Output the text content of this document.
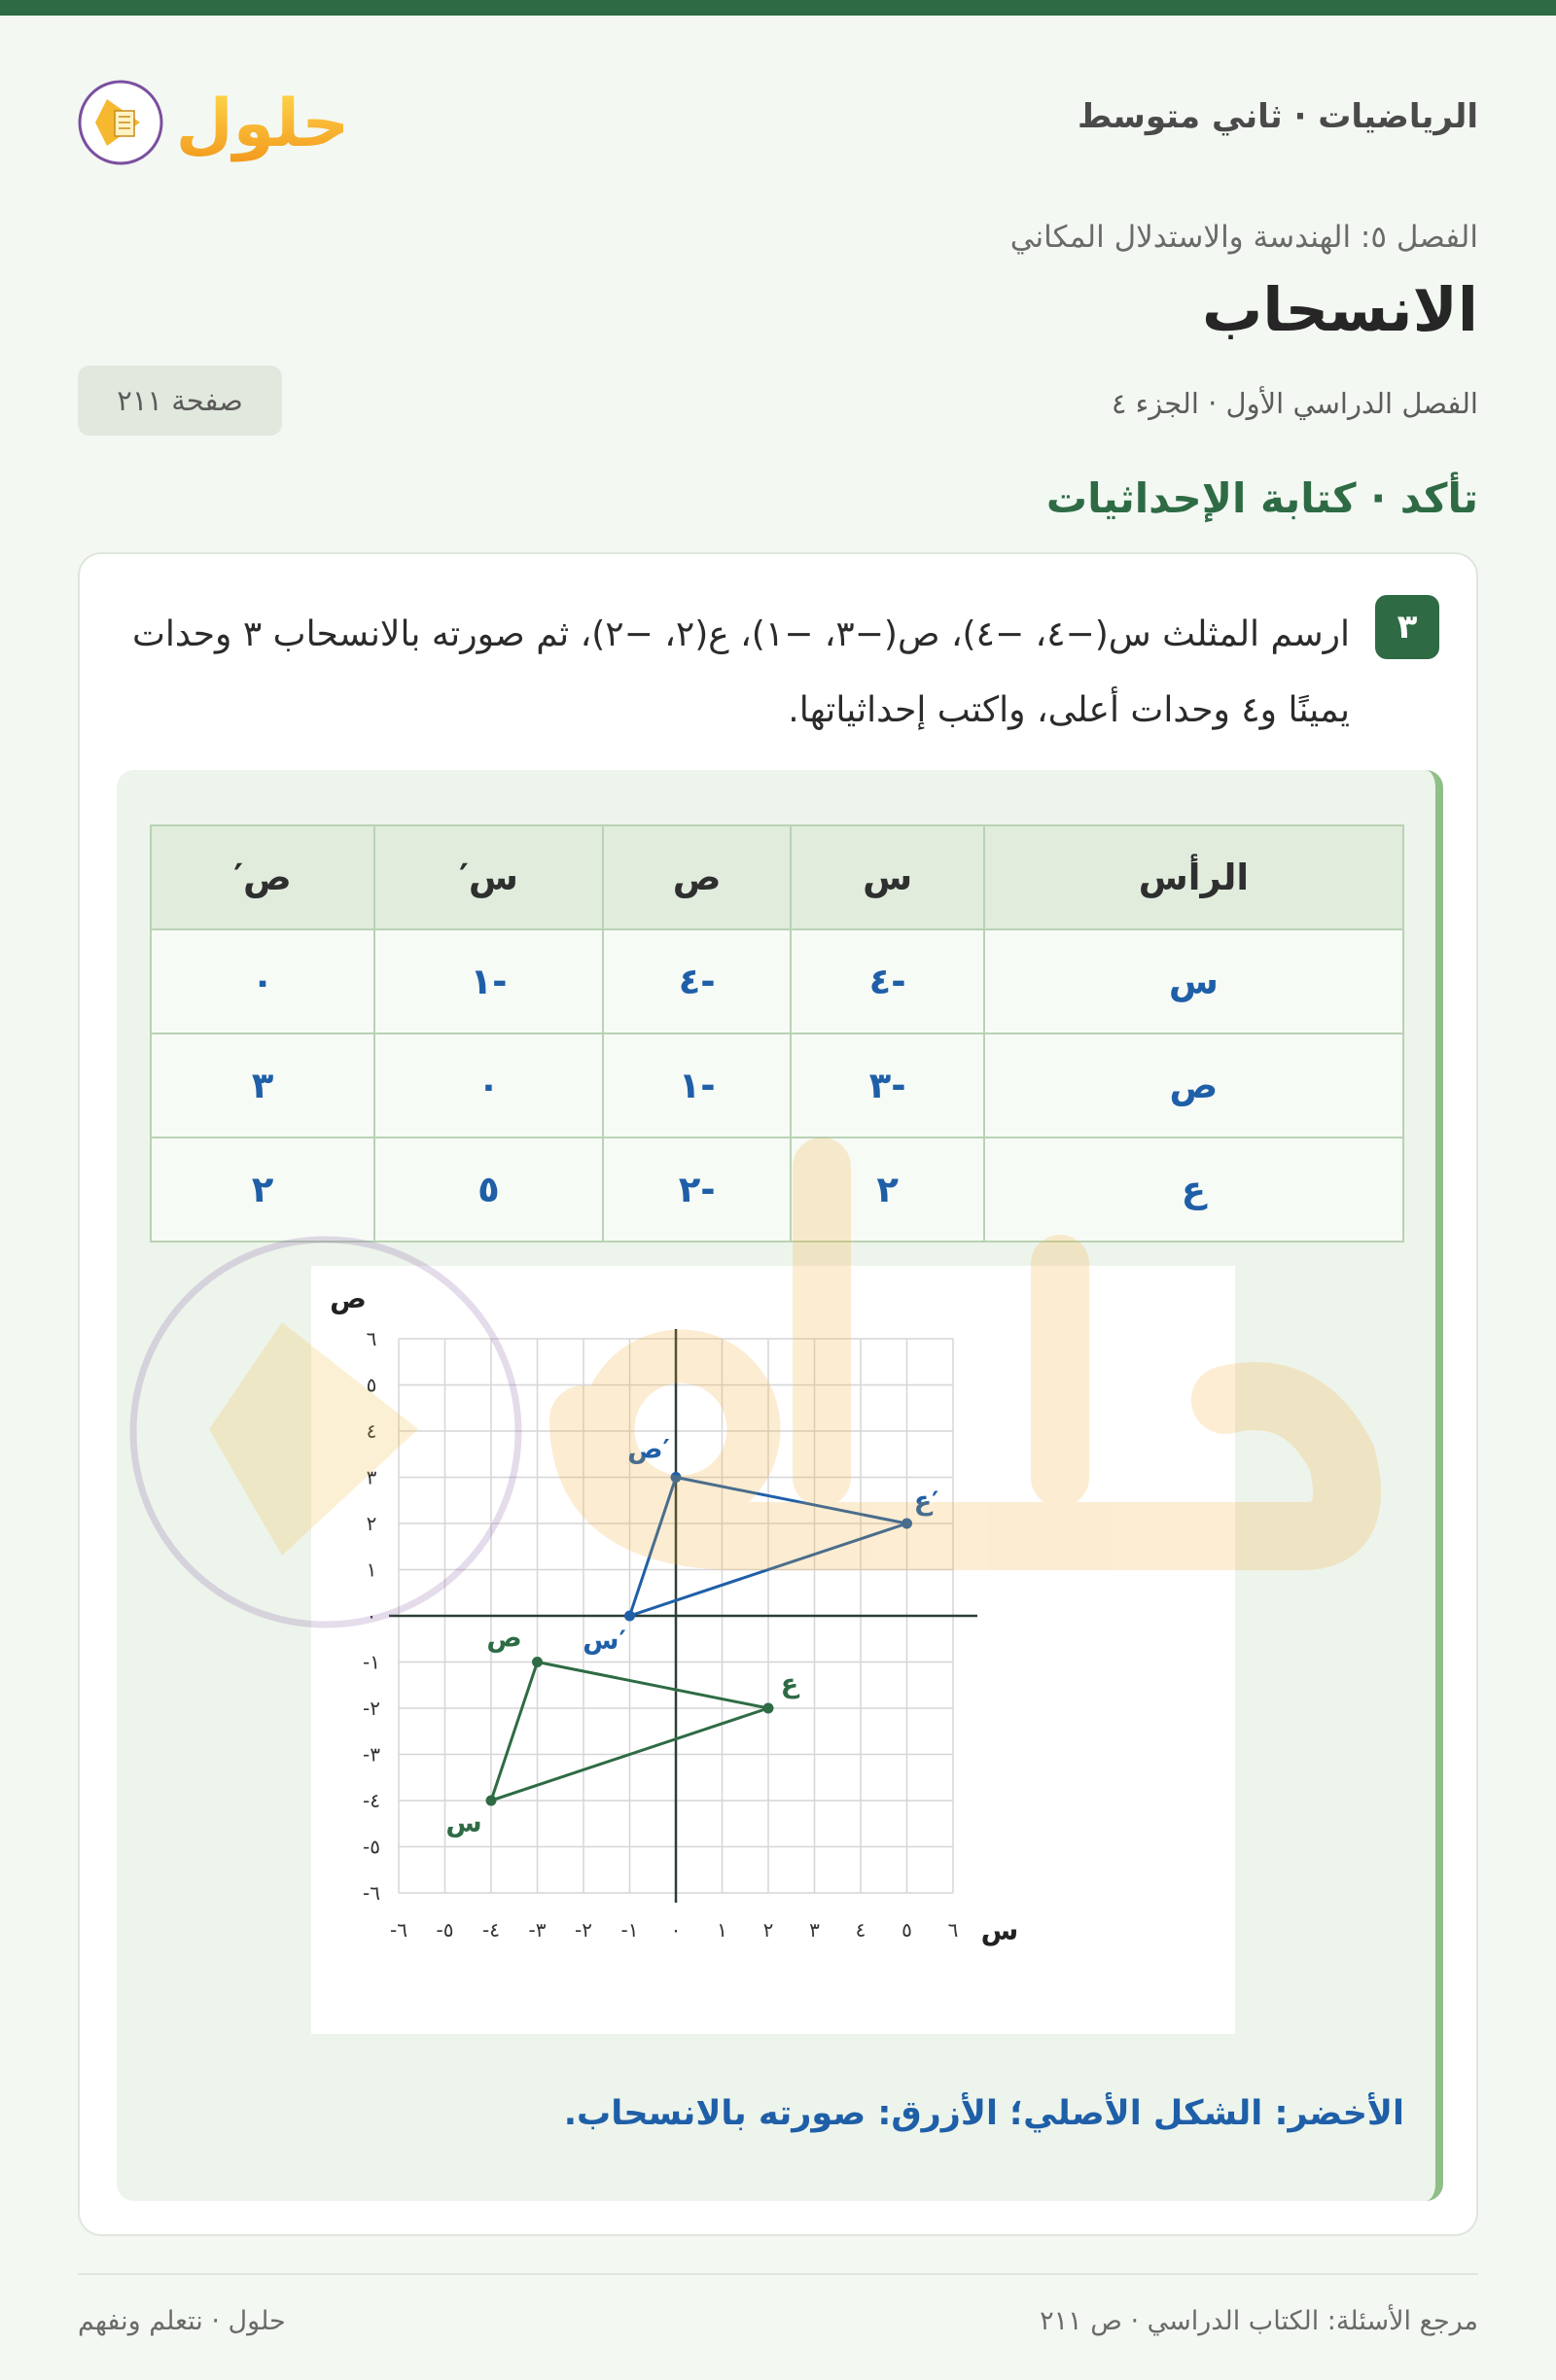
حلول	الرياضيات · ثاني متوسط
الفصل ٥: الهندسة والاستدلال المكاني
الانسحاب
الفصل الدراسي الأول · الجزء ٤
صفحة ٢١١
تأكد · كتابة الإحداثيات
٣
ارسم المثلث س(−٤، −٤)، ص(−٣، −١)، ع(٢، −٢)، ثم صورته بالانسحاب ٣ وحدات يمينًا و٤ وحدات أعلى، واكتب إحداثياتها.
الرأس	س	ص	س′	ص′
س	-٤	-٤	-١	٠
ص	-٣	-١	٠	٣
ع	٢	-٢	٥	٢
-٦ -٥ -٤ -٣ -٢ -١ ٠ ١ ٢ ٣ ٤ ٥ ٦
-٦
-٥
-٤
-٣
-٢
-١
٠
١
٢
٣
٤
٥
٦
س
ص
س
ص
ع
س′
ص′
ع′
الأخضر: الشكل الأصلي؛ الأزرق: صورته بالانسحاب.
مرجع الأسئلة: الكتاب الدراسي · ص ٢١١
حلول · نتعلم ونفهم
